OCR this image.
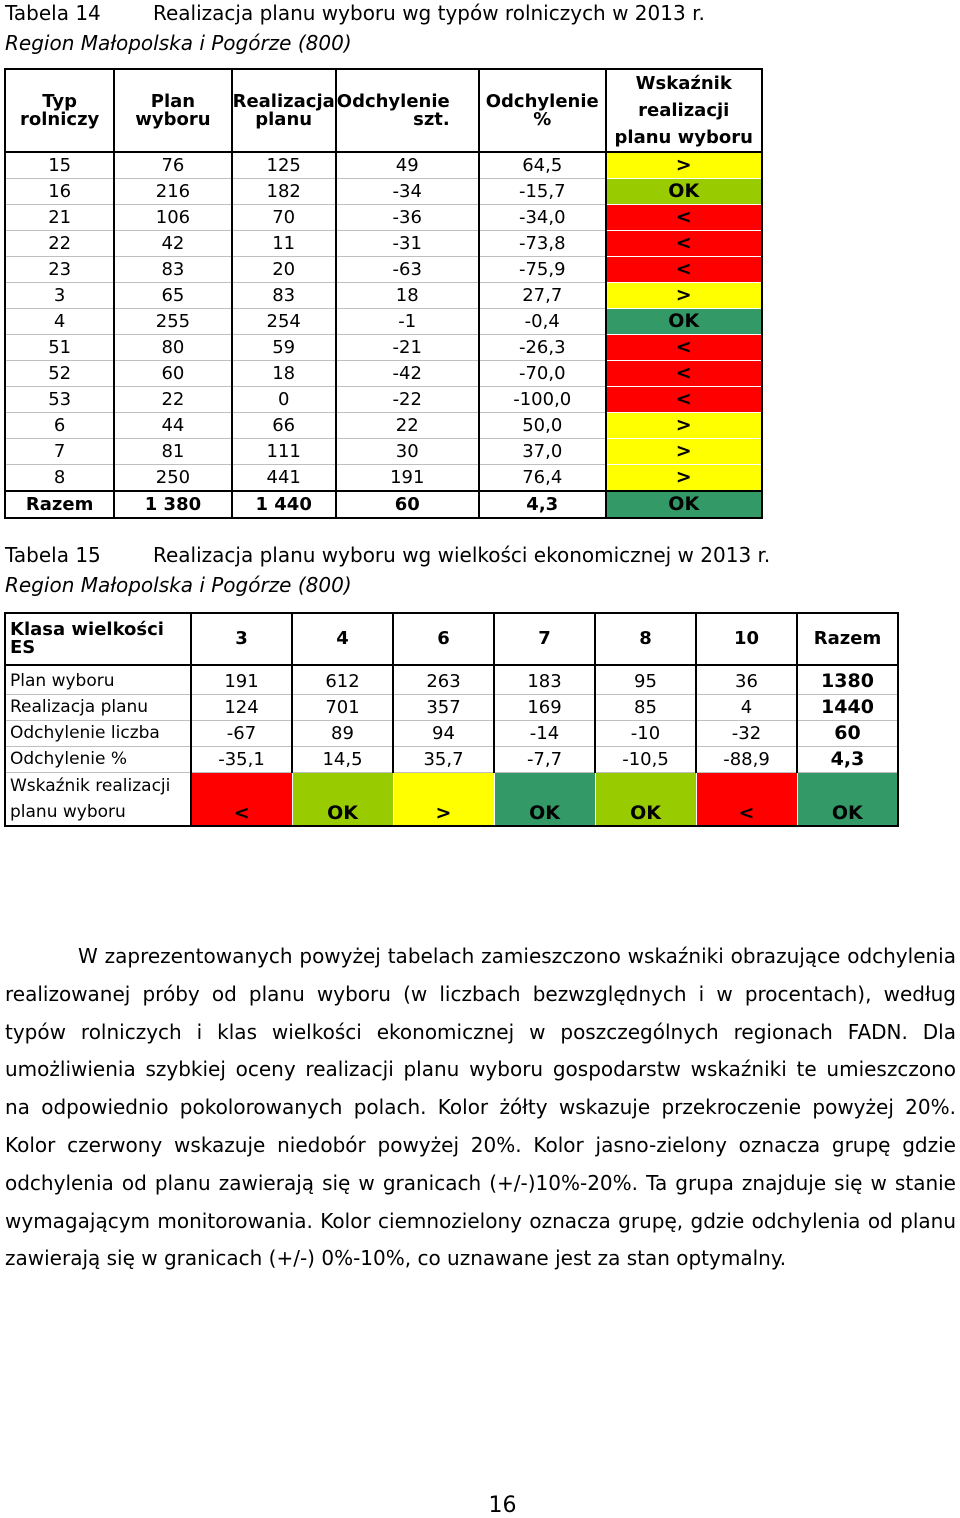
Tabela 14	Realizacja planu wyboru wg typów rolniczych w 2013 r.
Region Małopolska i Pogórze (800)
Typ rolniczy	Plan wyboru	Realizacja planu	Odchylenie szt.	Odchylenie %	Wskaźnik realizacji planu wyboru
15	76	125	49	64,5	>
16	216	182	-34	-15,7	OK
21	106	70	-36	-34,0	<
22	42	11	-31	-73,8	<
23	83	20	-63	-75,9	<
3	65	83	18	27,7	>
4	255	254	-1	-0,4	OK
51	80	59	-21	-26,3	<
52	60	18	-42	-70,0	<
53	22	0	-22	-100,0	<
6	44	66	22	50,0	>
7	81	111	30	37,0	>
8	250	441	191	76,4	>
Razem	1 380	1 440	60	4,3	OK
Tabela 15	Realizacja planu wyboru wg wielkości ekonomicznej w 2013 r.
Region Małopolska i Pogórze (800)
Klasa wielkości ES	3	4	6	7	8	10	Razem
Plan wyboru	191	612	263	183	95	36	1380
Realizacja planu	124	701	357	169	85	4	1440
Odchylenie liczba	-67	89	94	-14	-10	-32	60
Odchylenie %	-35,1	14,5	35,7	-7,7	-10,5	-88,9	4,3
Wskaźnik realizacji planu wyboru	<	OK	>	OK	OK	<	OK
W zaprezentowanych powyżej tabelach zamieszczono wskaźniki obrazujące odchylenia realizowanej próby od planu wyboru (w liczbach bezwzględnych i w procentach), według typów rolniczych i klas wielkości ekonomicznej w poszczególnych regionach FADN. Dla umożliwienia szybkiej oceny realizacji planu wyboru gospodarstw wskaźniki te umieszczono na odpowiednio pokolorowanych polach. Kolor żółty wskazuje przekroczenie powyżej 20%. Kolor czerwony wskazuje niedobór powyżej 20%. Kolor jasno-zielony oznacza grupę gdzie odchylenia od planu zawierają się w granicach (+/-)10%-20%. Ta grupa znajduje się w stanie wymagającym monitorowania. Kolor ciemnozielony oznacza grupę, gdzie odchylenia od planu zawierają się w granicach (+/-) 0%-10%, co uznawane jest za stan optymalny.
16
